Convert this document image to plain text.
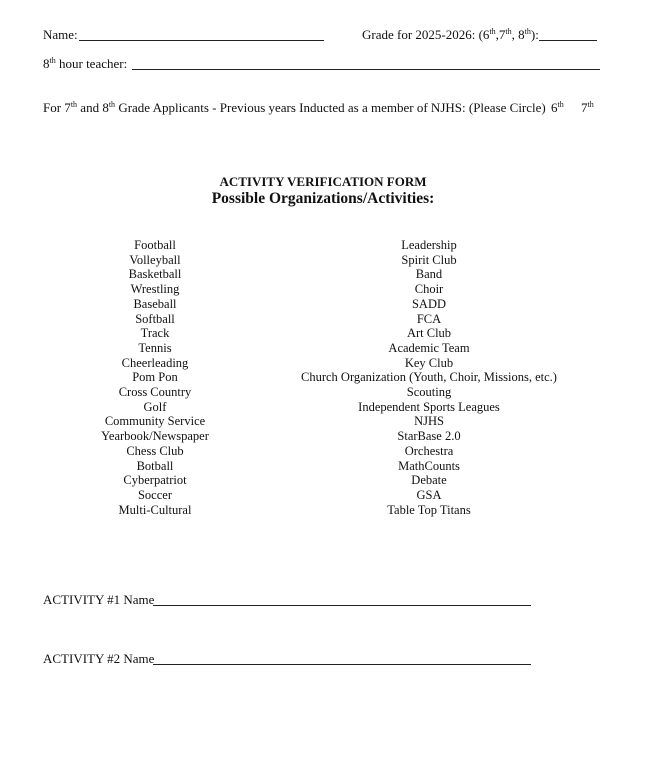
Name:	Grade for 2025-2026: (6th,7th, 8th):
8th hour teacher:
For 7th and 8th Grade Applicants - Previous years Inducted as a member of NJHS: (Please Circle) 6th 7th
ACTIVITY VERIFICATION FORM
Possible Organizations/Activities:
Football
Volleyball
Basketball
Wrestling
Baseball
Softball
Track
Tennis
Cheerleading
Pom Pon
Cross Country
Golf
Community Service
Yearbook/Newspaper
Chess Club
Botball
Cyberpatriot
Soccer
Multi-Cultural
Leadership
Spirit Club
Band
Choir
SADD
FCA
Art Club
Academic Team
Key Club
Church Organization (Youth, Choir, Missions, etc.)
Scouting
Independent Sports Leagues
NJHS
StarBase 2.0
Orchestra
MathCounts
Debate
GSA
Table Top Titans
ACTIVITY #1 Name
ACTIVITY #2 Name
